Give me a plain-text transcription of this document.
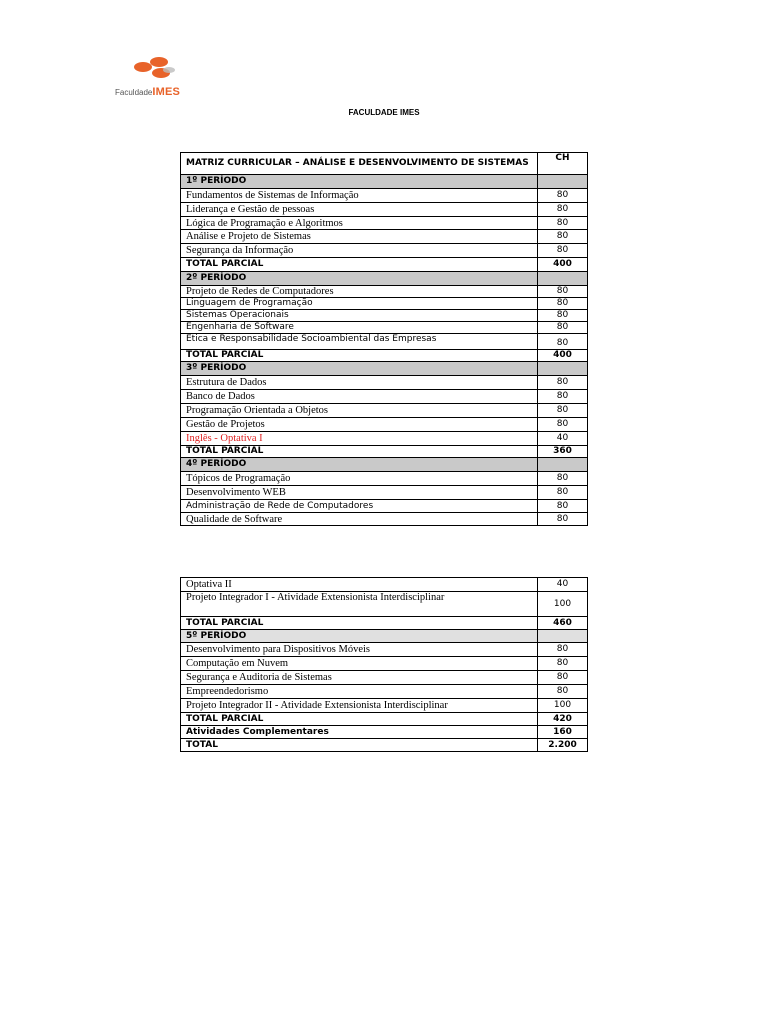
FaculdadeIMES
FACULDADE IMES
MATRIZ CURRICULAR – ANÁLISE E DESENVOLVIMENTO DE SISTEMAS	CH
1º PERÍODO	
Fundamentos de Sistemas de Informação	80
Liderança e Gestão de pessoas	80
Lógica de Programação e Algoritmos	80
Análise e Projeto de Sistemas	80
Segurança da Informação	80
TOTAL PARCIAL	400
2º PERÍODO	
Projeto de Redes de Computadores	80
Linguagem de Programação	80
Sistemas Operacionais	80
Engenharia de Software	80
Ética e Responsabilidade Socioambiental das Empresas	80
TOTAL PARCIAL	400
3º PERÍODO	
Estrutura de Dados	80
Banco de Dados	80
Programação Orientada a Objetos	80
Gestão de Projetos	80
Inglês - Optativa I	40
TOTAL PARCIAL	360
4º PERÍODO	
Tópicos de Programação	80
Desenvolvimento WEB	80
Administração de Rede de Computadores	80
Qualidade de Software	80
Optativa II	40
Projeto Integrador I - Atividade Extensionista Interdisciplinar	100
TOTAL PARCIAL	460
5º PERÍODO	
Desenvolvimento para Dispositivos Móveis	80
Computação em Nuvem	80
Segurança e Auditoria de Sistemas	80
Empreendedorismo	80
Projeto Integrador II - Atividade Extensionista Interdisciplinar	100
TOTAL PARCIAL	420
Atividades Complementares	160
TOTAL	2.200
